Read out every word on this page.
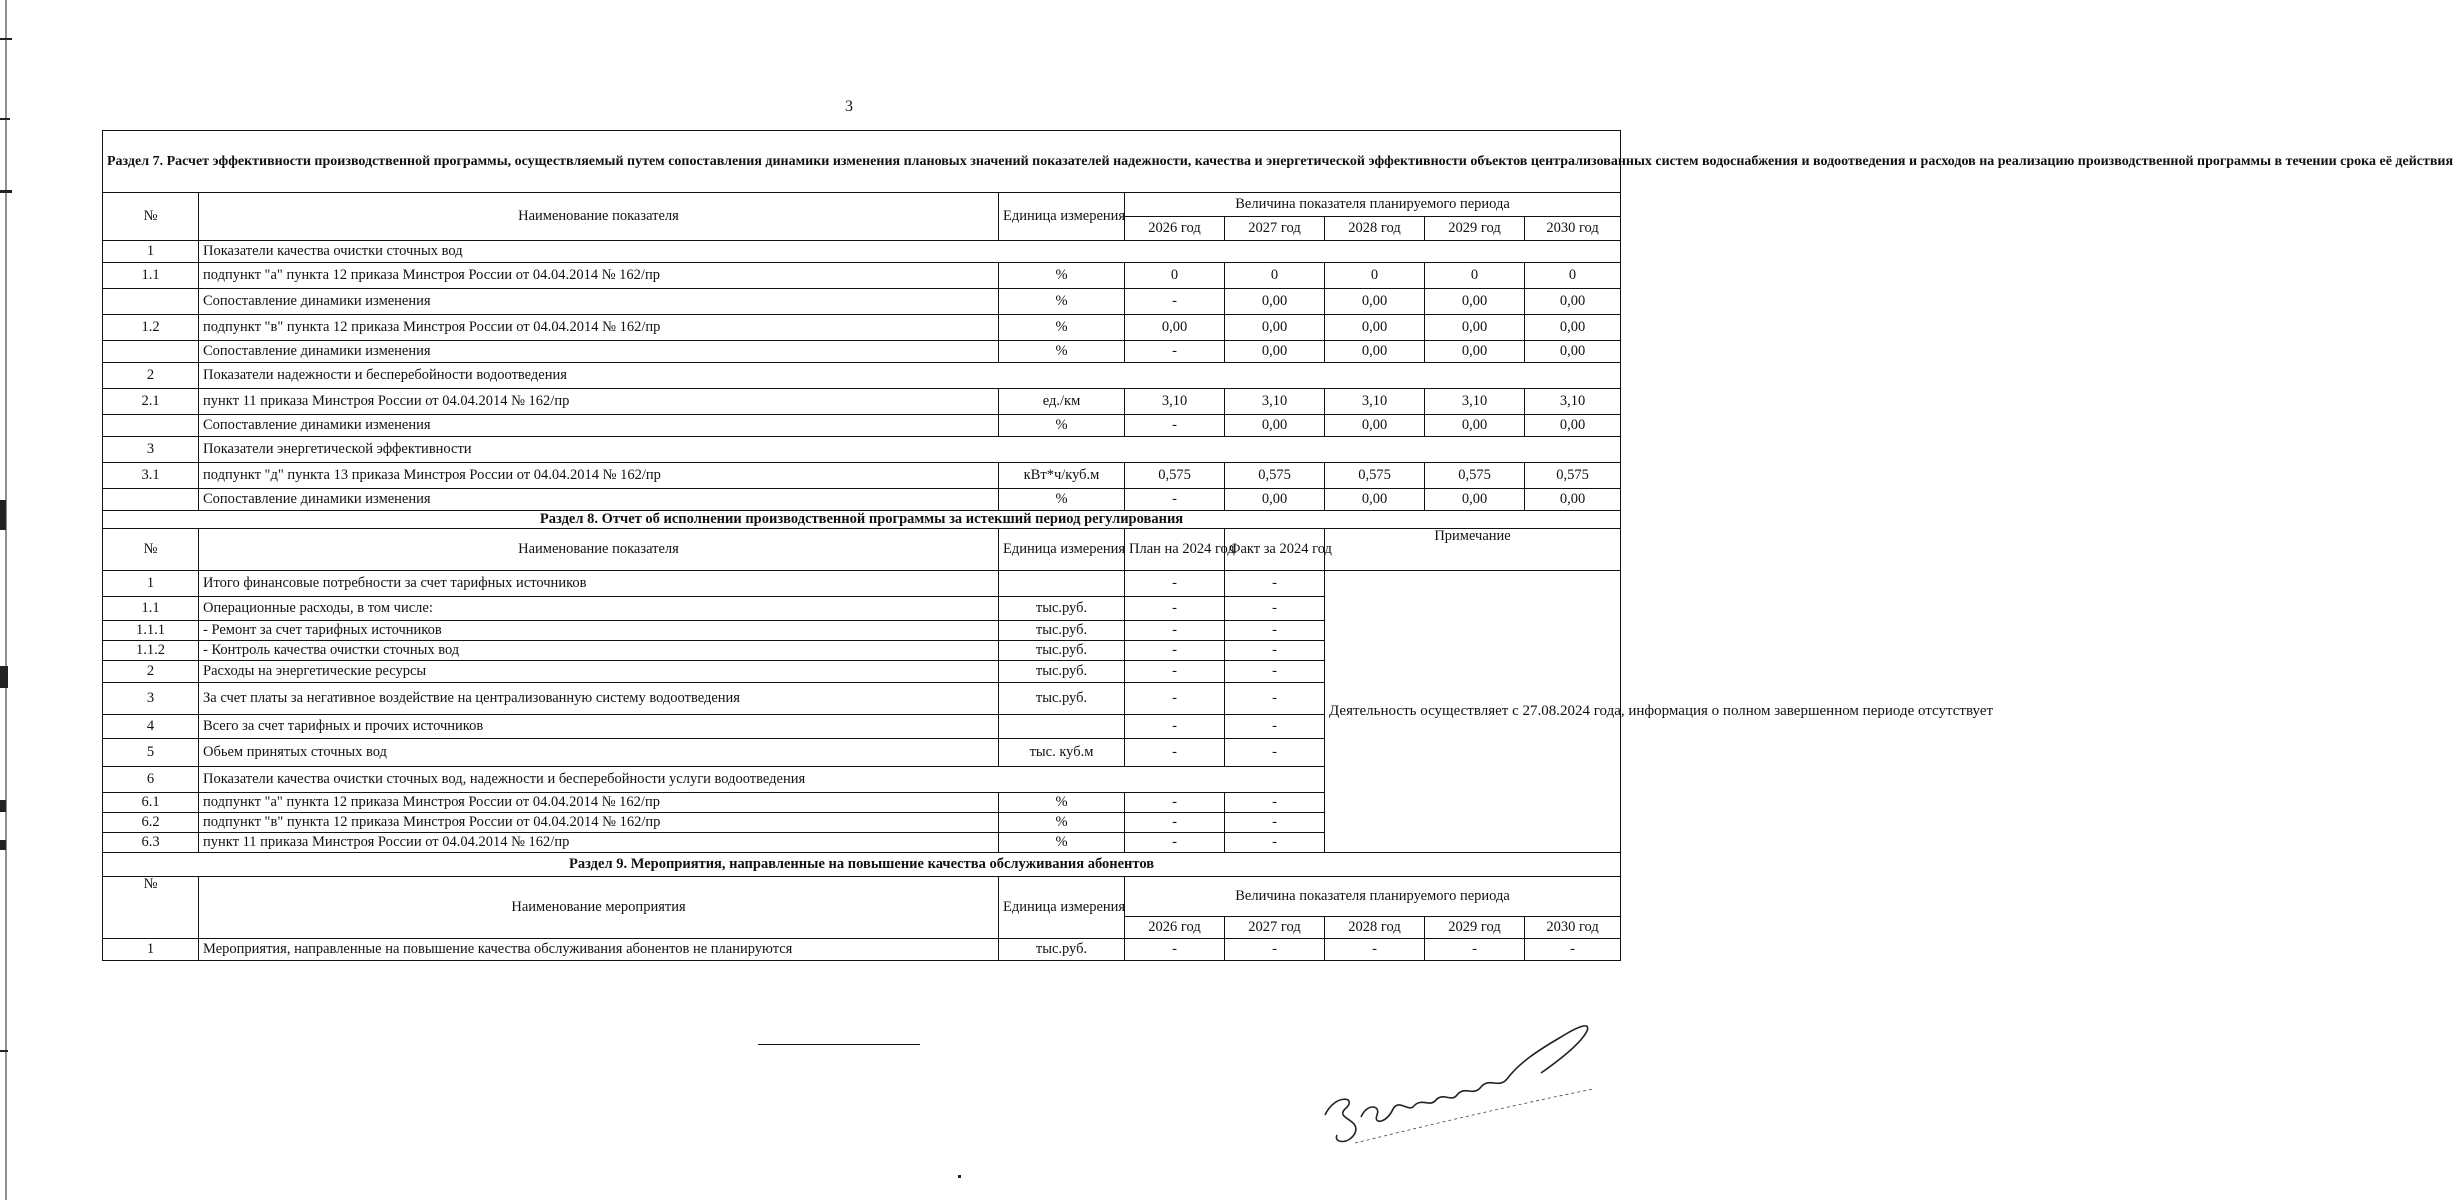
3
Раздел 7. Расчет эффективности производственной программы, осуществляемый путем сопоставления динамики изменения плановых значений показателей надежности, качества и энергетической эффективности объектов централизованных систем водоснабжения и водоотведения и расходов на реализацию производственной программы в течении срока её действия							
№	Наименование показателя	Единица измерения	Величина показателя планируемого периода				
			2026 год	2027 год	2028 год	2029 год	2030 год
1	Показатели качества очистки сточных вод						
1.1	подпункт "а" пункта 12 приказа Минстроя России от 04.04.2014 № 162/пр	%	0	0	0	0	0
	Сопоставление динамики изменения	%	-	0,00	0,00	0,00	0,00
1.2	подпункт "в" пункта 12 приказа Минстроя России от 04.04.2014 № 162/пр	%	0,00	0,00	0,00	0,00	0,00
	Сопоставление динамики изменения	%	-	0,00	0,00	0,00	0,00
2	Показатели надежности и бесперебойности водоотведения						
2.1	пункт 11 приказа Минстроя России от 04.04.2014 № 162/пр	ед./км	3,10	3,10	3,10	3,10	3,10
	Сопоставление динамики изменения	%	-	0,00	0,00	0,00	0,00
3	Показатели энергетической эффективности						
3.1	подпункт "д" пункта 13 приказа Минстроя России от 04.04.2014 № 162/пр	кВт*ч/куб.м	0,575	0,575	0,575	0,575	0,575
	Сопоставление динамики изменения	%	-	0,00	0,00	0,00	0,00
Раздел 8. Отчет об исполнении производственной программы за истекший период регулирования							
№	Наименование показателя	Единица измерения	План на 2024 год	Факт за 2024 год	Примечание		
1	Итого финансовые потребности за счет тарифных источников		-	-	Деятельность осуществляет с 27.08.2024 года, информация о полном завершенном периоде отсутствует		
1.1	Операционные расходы, в том числе:	тыс.руб.	-	-			
1.1.1	- Ремонт за счет тарифных источников	тыс.руб.	-	-			
1.1.2	- Контроль качества очистки сточных вод	тыс.руб.	-	-			
2	Расходы на энергетические ресурсы	тыс.руб.	-	-			
3	За счет платы за негативное воздействие на централизованную систему водоотведения	тыс.руб.	-	-			
4	Всего за счет тарифных и прочих источников		-	-			
5	Обьем принятых сточных вод	тыс. куб.м	-	-			
6	Показатели качества очистки сточных вод, надежности и бесперебойности услуги водоотведения						
6.1	подпункт "а" пункта 12 приказа Минстроя России от 04.04.2014 № 162/пр	%	-	-			
6.2	подпункт "в" пункта 12 приказа Минстроя России от 04.04.2014 № 162/пр	%	-	-			
6.3	пункт 11 приказа Минстроя России от 04.04.2014 № 162/пр	%	-	-			
Раздел 9. Мероприятия, направленные на повышение качества обслуживания абонентов							
№	Наименование мероприятия	Единица измерения	Величина показателя планируемого периода				
			2026 год	2027 год	2028 год	2029 год	2030 год
1	Мероприятия, направленные на повышение качества обслуживания абонентов не планируются	тыс.руб.	-	-	-	-	-
